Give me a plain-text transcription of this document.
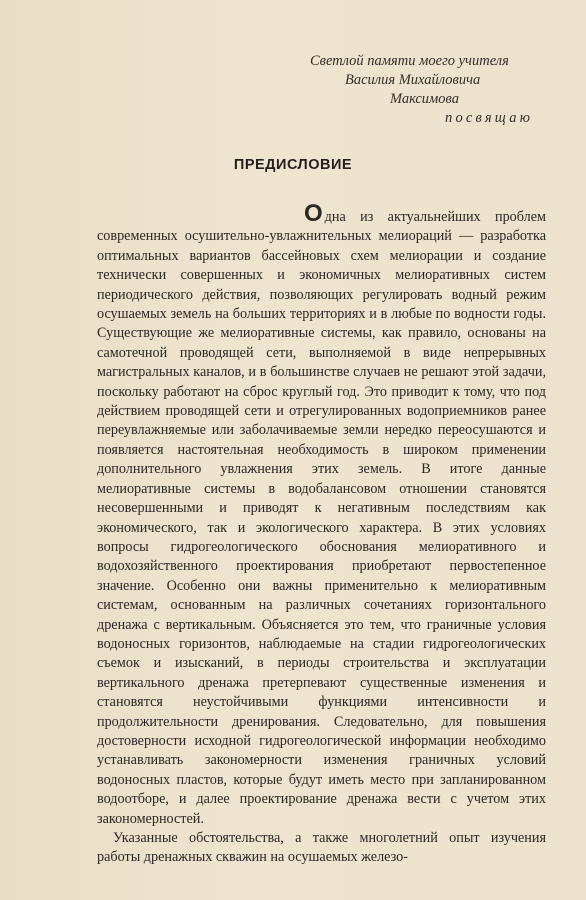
Светлой памяти моего учителя
Василия Михайловича
Максимова
посвящаю
ПРЕДИСЛОВИЕ

Одна из актуальнейших проблем современных осушительно-увлажнительных мелиораций — разработка оптимальных вариантов бассейновых схем мелиорации и создание технически совершенных и экономичных мелиоративных систем периодического действия, позволяющих регулировать водный режим осушаемых земель на больших территориях и в любые по водности годы. Существующие же мелиоративные системы, как правило, основаны на самотечной проводящей сети, выполняемой в виде непрерывных магистральных каналов, и в большинстве случаев не решают этой задачи, поскольку работают на сброс круглый год. Это приводит к тому, что под действием проводящей сети и отрегулированных водоприемников ранее переувлажняемые или заболачиваемые земли нередко переосушаются и появляется настоятельная необходимость в широком применении дополнительного увлажнения этих земель. В итоге данные мелиоративные системы в водобалансовом отношении становятся несовершенными и приводят к негативным последствиям как экономического, так и экологического характера. В этих условиях вопросы гидрогеологического обоснования мелиоративного и водохозяйственного проектирования приобретают первостепенное значение. Особенно они важны применительно к мелиоративным системам, основанным на различных сочетаниях горизонтального дренажа с вертикальным. Объясняется это тем, что граничные условия водоносных горизонтов, наблюдаемые на стадии гидрогеологических съемок и изысканий, в периоды строительства и эксплуатации вертикального дренажа претерпевают существенные изменения и становятся неустойчивыми функциями интенсивности и продолжительности дренирования. Следовательно, для повышения достоверности исходной гидрогеологической информации необходимо устанавливать закономерности изменения граничных условий водоносных пластов, которые будут иметь место при запланированном водоотборе, и далее проектирование дренажа вести с учетом этих закономерностей.

Указанные обстоятельства, а также многолетний опыт изучения работы дренажных скважин на осушаемых железо-
